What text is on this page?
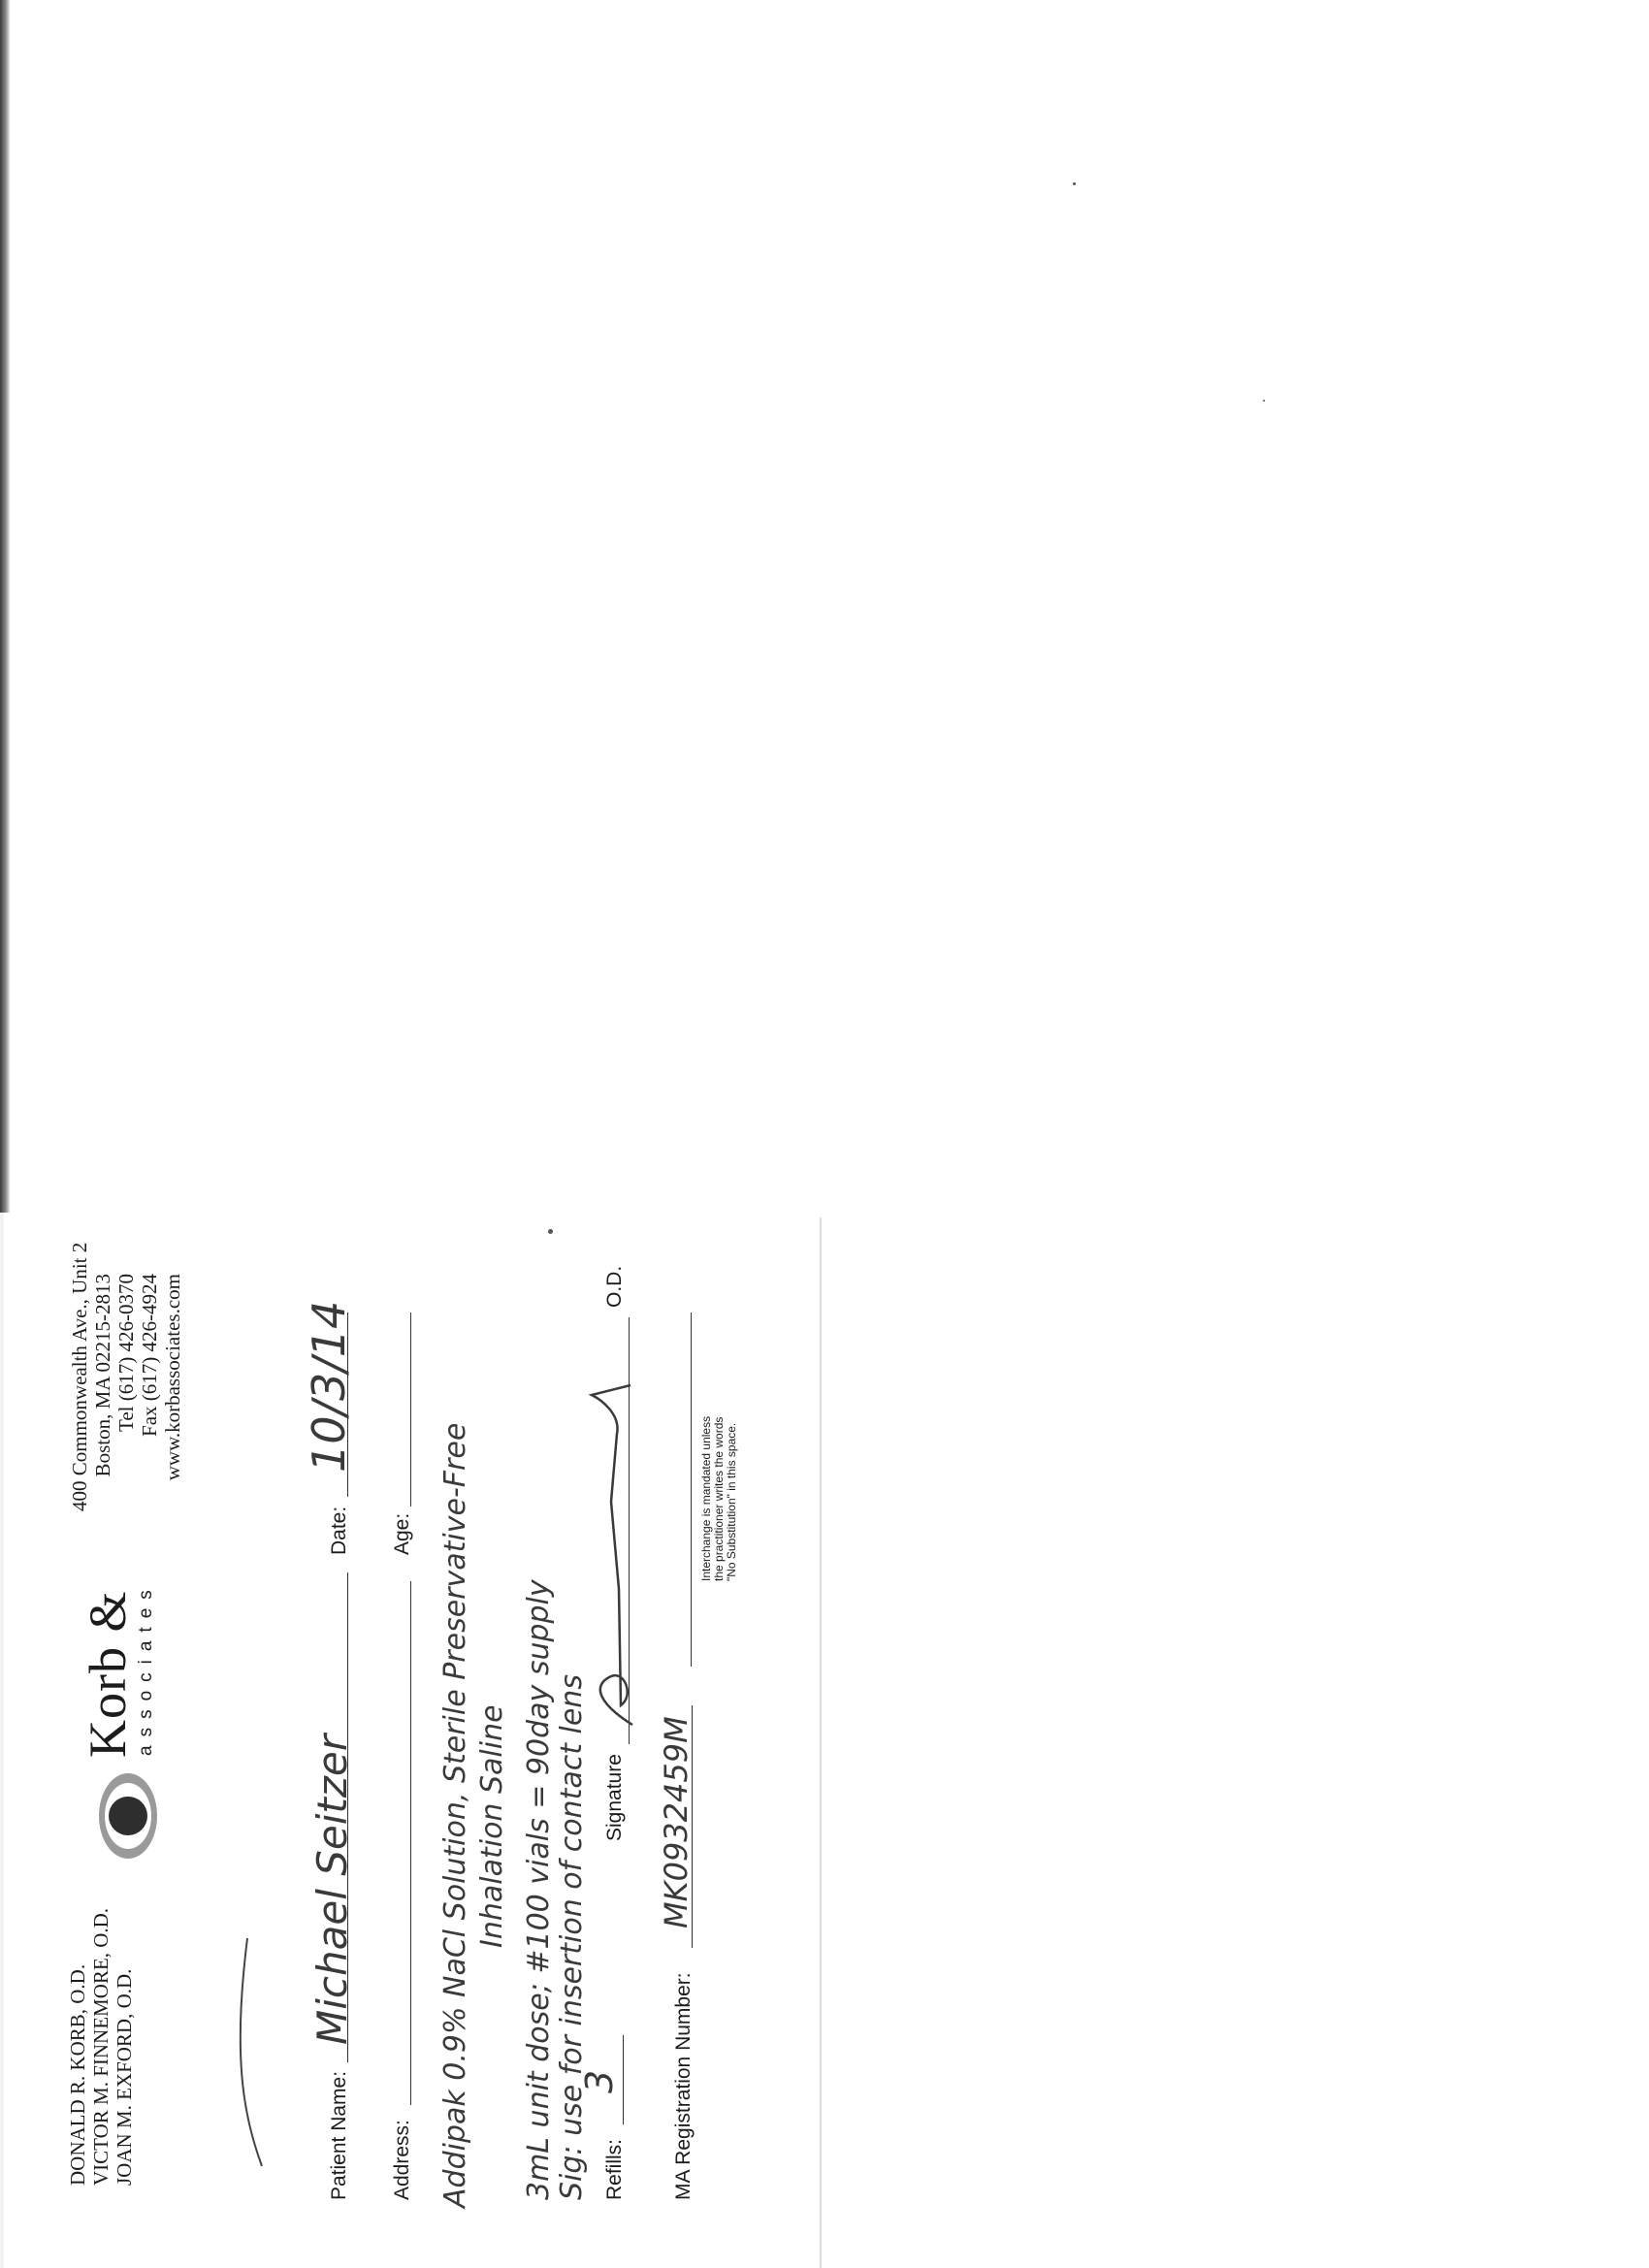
DONALD R. KORB, O.D. VICTOR M. FINNEMORE, O.D. JOAN M. EXFORD, O.D.
Korb & associates
400 Commonwealth Ave., Unit 2 Boston, MA 02215-2813 Tel (617) 426-0370 Fax (617) 426-4924 www.korbassociates.com
Patient Name:
Michael Seitzer
Date:
10/3/14
Address:
Age: Addipak 0.9% NaCl Solution, Sterile Preservative-Free Inhalation Saline 3mL unit dose; #100 vials = 90day supply Sig: use for insertion of contact lens Refills:
3
Signature
O.D.
MA Registration Number:
MK0932459M
Interchange is mandated unless the practitioner writes the words "No Substitution" in this space.
